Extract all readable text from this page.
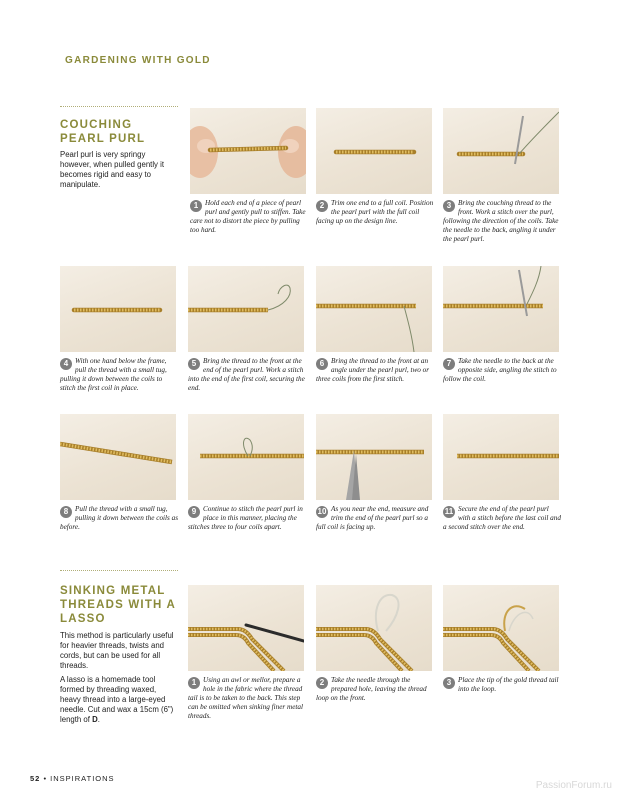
GARDENING WITH GOLD
COUCHING PEARL PURL

Pearl purl is very springy however, when pulled gently it becomes rigid and easy to manipulate.

1 Hold each end of a piece of pearl purl and gently pull to stiffen. Take care not to distort the piece by pulling too hard.
2 Trim one end to a full coil. Position the pearl purl with the full coil facing up on the design line.
3 Bring the couching thread to the front. Work a stitch over the purl, following the direction of the coils. Take the needle to the back, angling it under the pearl purl.
4 With one hand below the frame, pull the thread with a small tug, pulling it down between the coils to stitch the first coil in place.
5 Bring the thread to the front at the end of the pearl purl. Work a stitch into the end of the first coil, securing the end.
6 Bring the thread to the front at an angle under the pearl purl, two or three coils from the first stitch.
7 Take the needle to the back at the opposite side, angling the stitch to follow the coil.
8 Pull the thread with a small tug, pulling it down between the coils as before.
9 Continue to stitch the pearl purl in place in this manner, placing the stitches three to four coils apart.
10 As you near the end, measure and trim the end of the pearl purl so a full coil is facing up.
11 Secure the end of the pearl purl with a stitch before the last coil and a second stitch over the end.
SINKING METAL THREADS WITH A LASSO

This method is particularly useful for heavier threads, twists and cords, but can be used for all threads.

A lasso is a homemade tool formed by threading waxed, heavy thread into a large-eyed needle. Cut and wax a 15cm (6") length of D.

1 Using an awl or mellor, prepare a hole in the fabric where the thread tail is to be taken to the back. This step can be omitted when sinking finer metal threads.
2 Take the needle through the prepared hole, leaving the thread loop on the front.
3 Place the tip of the gold thread tail into the loop.
52 • INSPIRATIONS
PassionForum.ru
